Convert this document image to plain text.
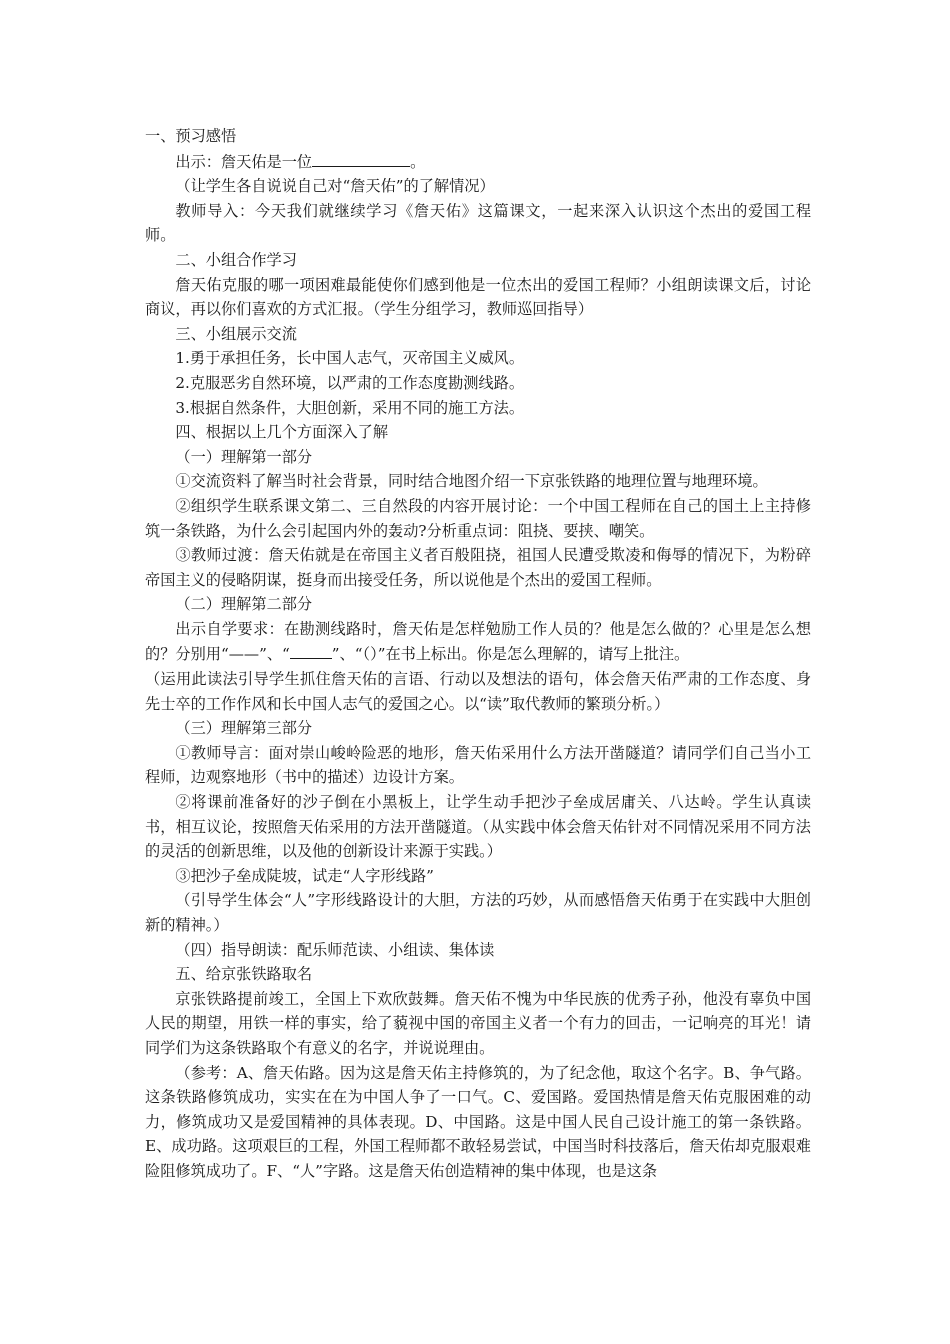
一、预习感悟

出示：詹天佑是一位	。

（让学生各自说说自己对“詹天佑”的了解情况）

教师导入：今天我们就继续学习《詹天佑》这篇课文，一起来深入认识这个杰出的爱国工程师。

二、小组合作学习

詹天佑克服的哪一项困难最能使你们感到他是一位杰出的爱国工程师？小组朗读课文后，讨论商议，再以你们喜欢的方式汇报。（学生分组学习，教师巡回指导）

三、小组展示交流

1.勇于承担任务，长中国人志气，灭帝国主义威风。

2.克服恶劣自然环境，以严肃的工作态度勘测线路。

3.根据自然条件，大胆创新，采用不同的施工方法。

四、根据以上几个方面深入了解

（一）理解第一部分

①交流资料了解当时社会背景，同时结合地图介绍一下京张铁路的地理位置与地理环境。

②组织学生联系课文第二、三自然段的内容开展讨论：一个中国工程师在自己的国土上主持修筑一条铁路，为什么会引起国内外的轰动?分析重点词：阻挠、要挟、嘲笑。

③教师过渡：詹天佑就是在帝国主义者百般阻挠，祖国人民遭受欺凌和侮辱的情况下，为粉碎帝国主义的侵略阴谋，挺身而出接受任务，所以说他是个杰出的爱国工程师。

（二）理解第二部分

出示自学要求：在勘测线路时，詹天佑是怎样勉励工作人员的？他是怎么做的？心里是怎么想的？分别用“——”、“	”、“（）”在书上标出。你是怎么理解的，请写上批注。

（运用此读法引导学生抓住詹天佑的言语、行动以及想法的语句，体会詹天佑严肃的工作态度、身先士卒的工作作风和长中国人志气的爱国之心。以“读”取代教师的繁琐分析。）

（三）理解第三部分

①教师导言：面对崇山峻岭险恶的地形，詹天佑采用什么方法开凿隧道？请同学们自己当小工程师，边观察地形（书中的描述）边设计方案。

②将课前准备好的沙子倒在小黑板上，让学生动手把沙子垒成居庸关、八达岭。学生认真读书，相互议论，按照詹天佑采用的方法开凿隧道。（从实践中体会詹天佑针对不同情况采用不同方法的灵活的创新思维，以及他的创新设计来源于实践。）

③把沙子垒成陡坡，试走“人字形线路”

（引导学生体会“人”字形线路设计的大胆，方法的巧妙，从而感悟詹天佑勇于在实践中大胆创新的精神。）

（四）指导朗读：配乐师范读、小组读、集体读

五、给京张铁路取名

京张铁路提前竣工，全国上下欢欣鼓舞。詹天佑不愧为中华民族的优秀子孙，他没有辜负中国人民的期望，用铁一样的事实，给了藐视中国的帝国主义者一个有力的回击，一记响亮的耳光！请同学们为这条铁路取个有意义的名字，并说说理由。

（参考：A、詹天佑路。因为这是詹天佑主持修筑的，为了纪念他，取这个名字。B、争气路。这条铁路修筑成功，实实在在为中国人争了一口气。C、爱国路。爱国热情是詹天佑克服困难的动力，修筑成功又是爱国精神的具体表现。D、中国路。这是中国人民自己设计施工的第一条铁路。E、成功路。这项艰巨的工程，外国工程师都不敢轻易尝试，中国当时科技落后，詹天佑却克服艰难险阻修筑成功了。F、“人”字路。这是詹天佑创造精神的集中体现，也是这条
